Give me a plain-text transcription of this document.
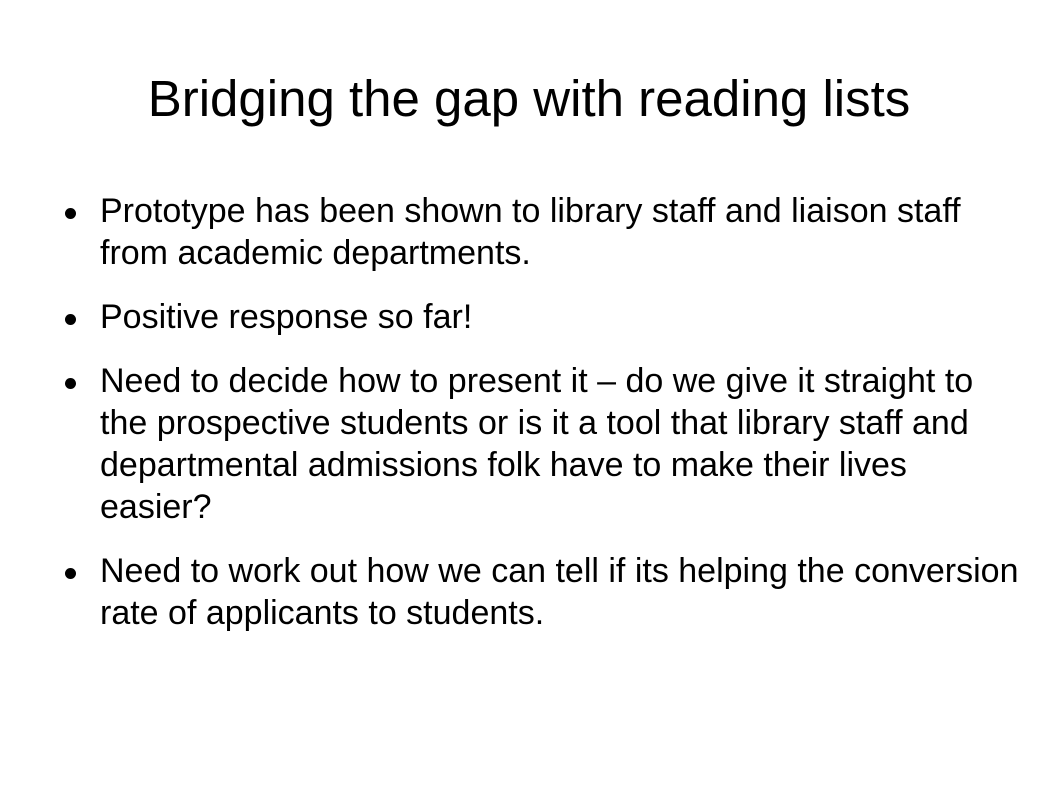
Bridging the gap with reading lists
Prototype has been shown to library staff and liaison staff from academic departments.
Positive response so far!
Need to decide how to present it – do we give it straight to the prospective students or is it a tool that library staff and departmental admissions folk have to make their lives easier?
Need to work out how we can tell if its helping the conversion rate of applicants to students.
